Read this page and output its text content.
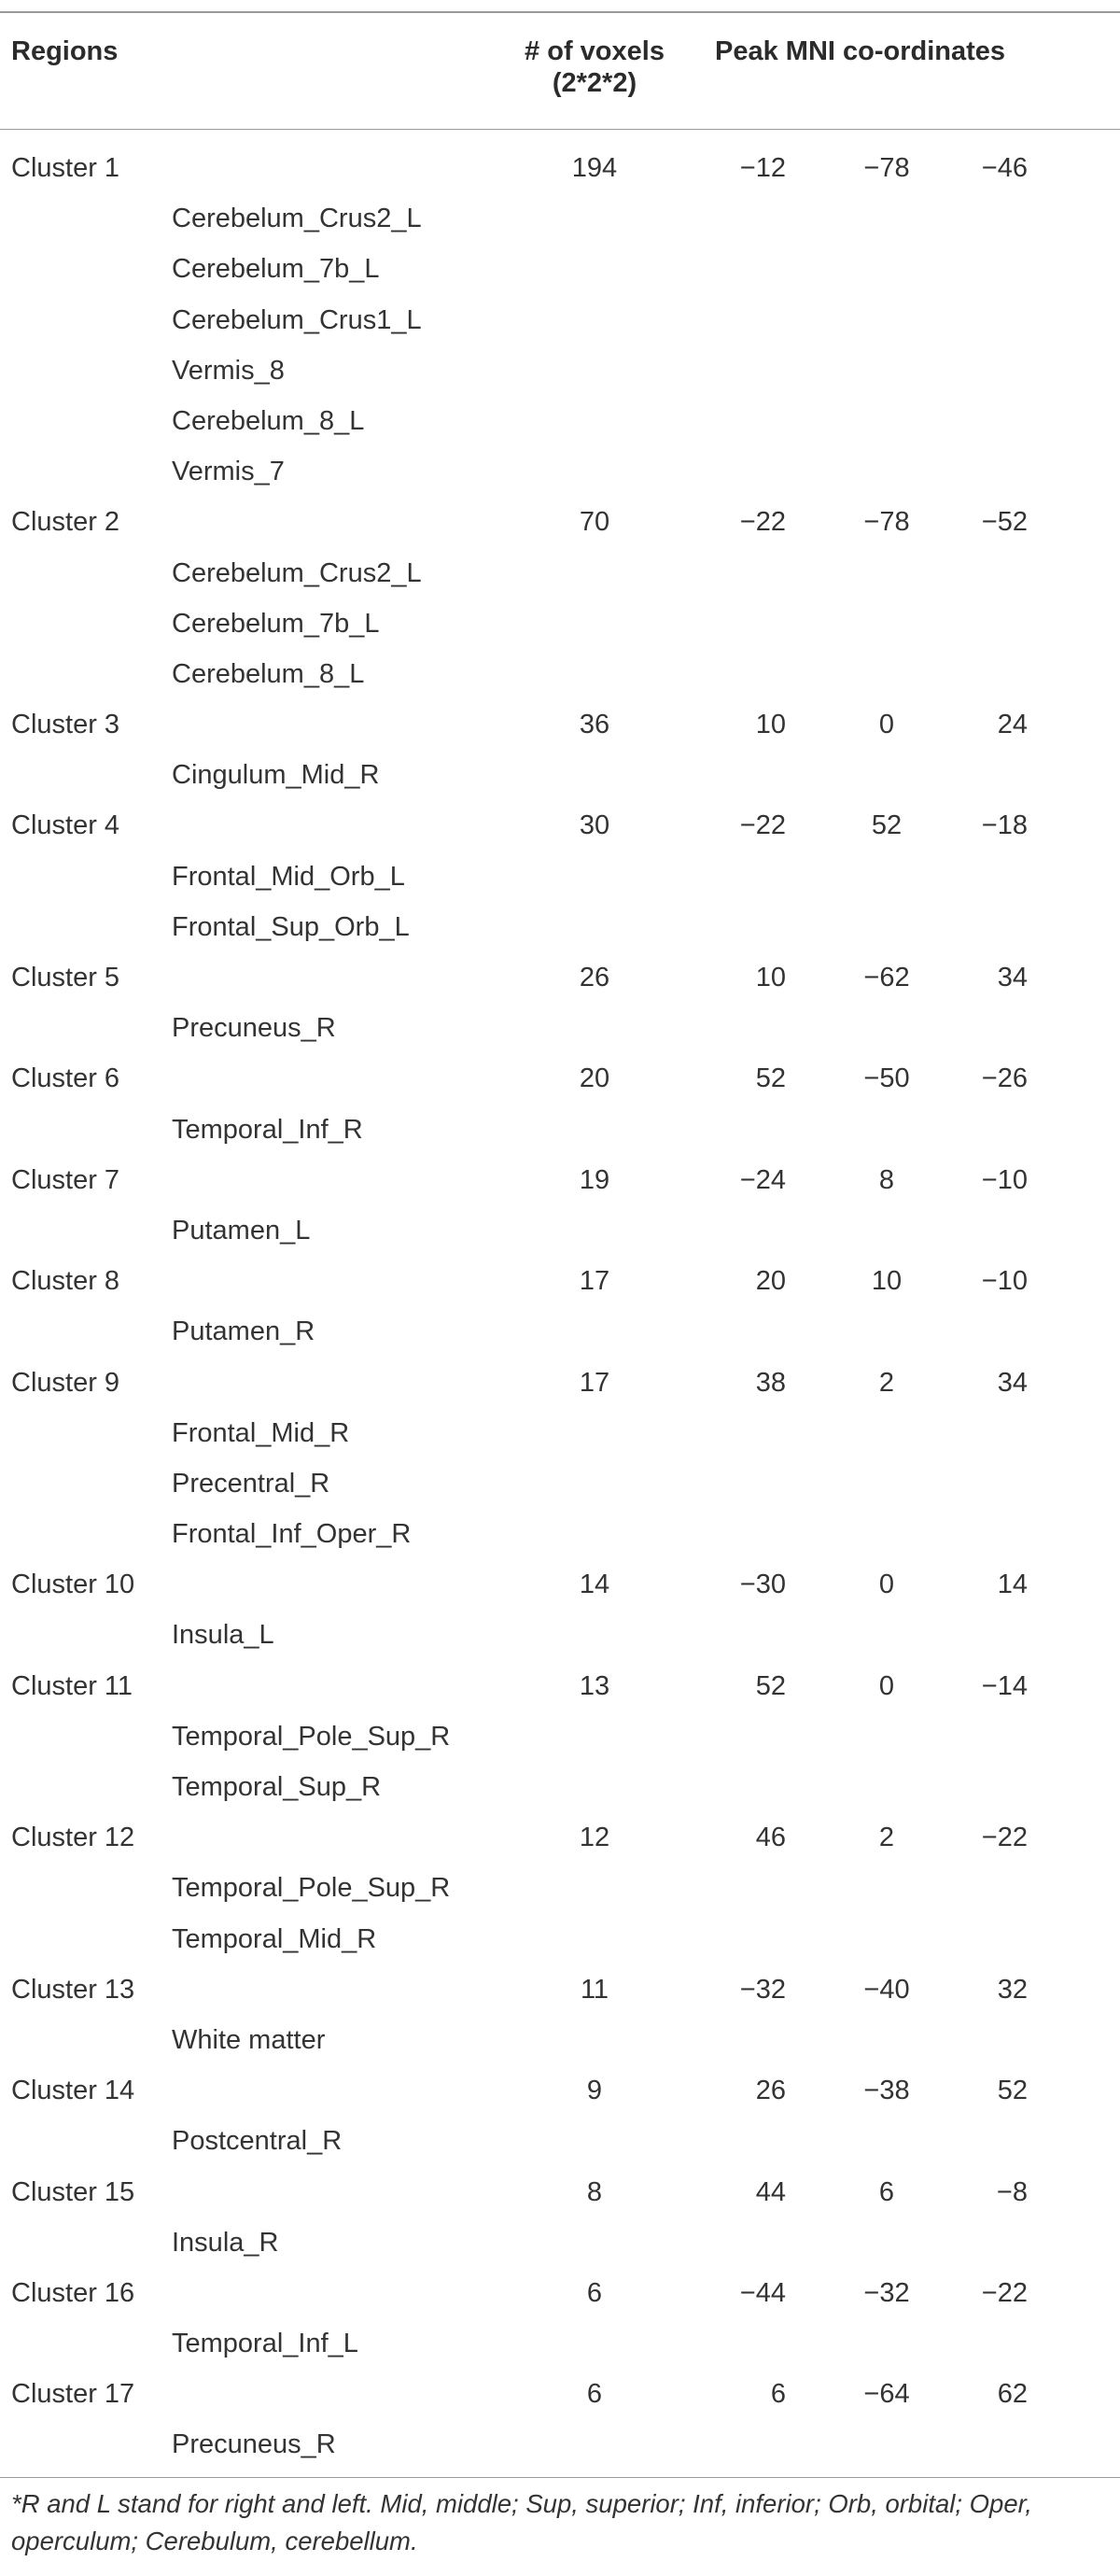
Regions	# of voxels
(2*2*2)
Peak MNI co-ordinates
Cluster 1	194	−12	−78	−46
Cerebelum_Crus2_L
Cerebelum_7b_L
Cerebelum_Crus1_L
Vermis_8
Cerebelum_8_L
Vermis_7
Cluster 2	70	−22	−78	−52
Cerebelum_Crus2_L
Cerebelum_7b_L
Cerebelum_8_L
Cluster 3	36	10	0	24
Cingulum_Mid_R
Cluster 4	30	−22	52	−18
Frontal_Mid_Orb_L
Frontal_Sup_Orb_L
Cluster 5	26	10	−62	34
Precuneus_R
Cluster 6	20	52	−50	−26
Temporal_Inf_R
Cluster 7	19	−24	8	−10
Putamen_L
Cluster 8	17	20	10	−10
Putamen_R
Cluster 9	17	38	2	34
Frontal_Mid_R
Precentral_R
Frontal_Inf_Oper_R
Cluster 10	14	−30	0	14
Insula_L
Cluster 11	13	52	0	−14
Temporal_Pole_Sup_R
Temporal_Sup_R
Cluster 12	12	46	2	−22
Temporal_Pole_Sup_R
Temporal_Mid_R
Cluster 13	11	−32	−40	32
White matter
Cluster 14	9	26	−38	52
Postcentral_R
Cluster 15	8	44	6	−8
Insula_R
Cluster 16	6	−44	−32	−22
Temporal_Inf_L
Cluster 17	6	6	−64	62
Precuneus_R
*R and L stand for right and left. Mid, middle; Sup, superior; Inf, inferior; Orb, orbital; Oper, operculum; Cerebulum, cerebellum.
